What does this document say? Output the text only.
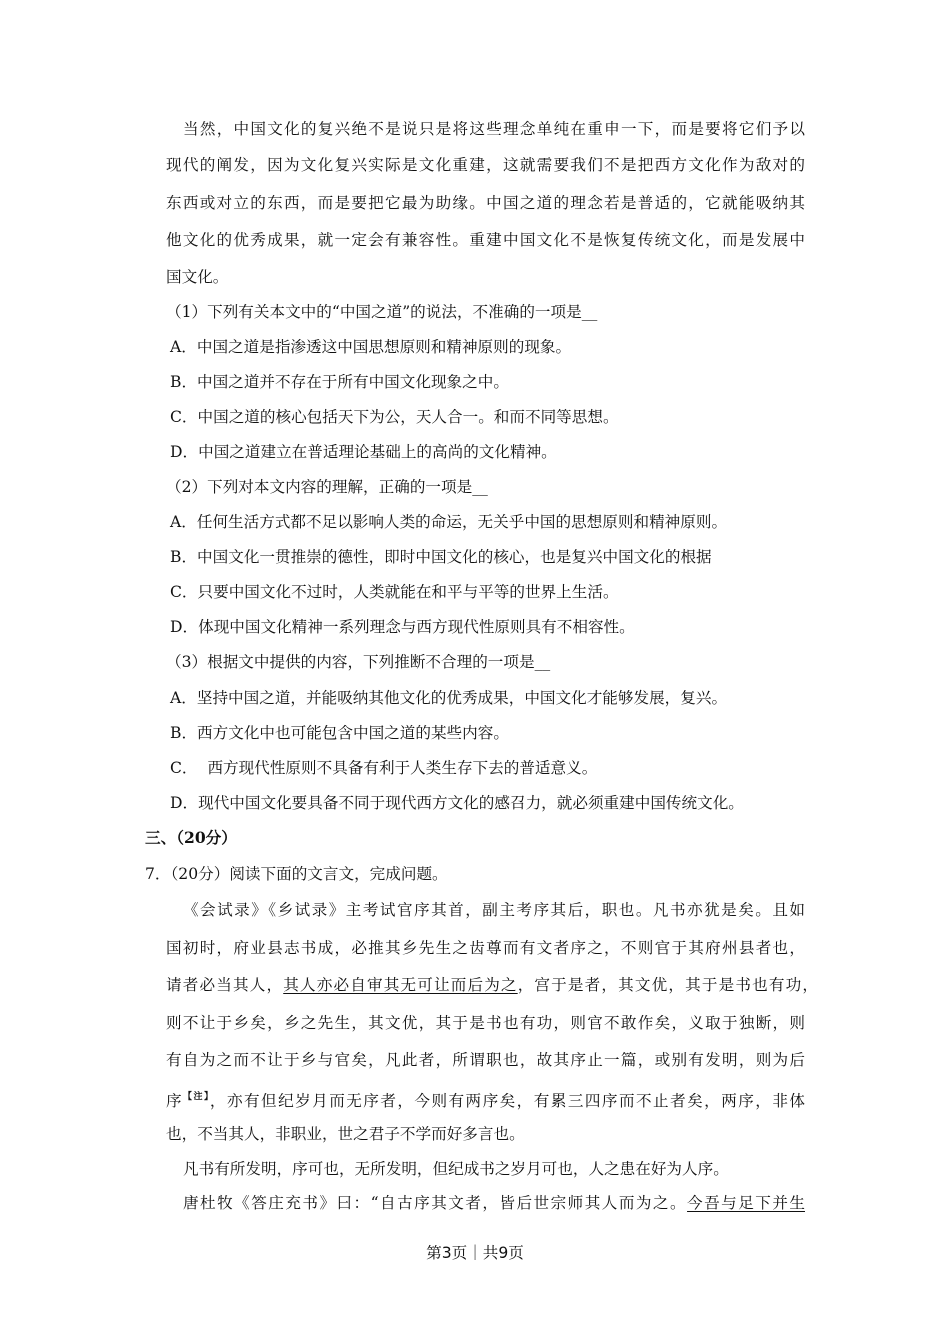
当然，中国文化的复兴绝不是说只是将这些理念单纯在重申一下，而是要将它们予以
现代的阐发，因为文化复兴实际是文化重建，这就需要我们不是把西方文化作为敌对的
东西或对立的东西，而是要把它最为助缘。中国之道的理念若是普适的，它就能吸纳其
他文化的优秀成果，就一定会有兼容性。重建中国文化不是恢复传统文化，而是发展中
国文化。
（1）下列有关本文中的“中国之道”的说法，不准确的一项是__
A．中国之道是指渗透这中国思想原则和精神原则的现象。
B．中国之道并不存在于所有中国文化现象之中。
C．中国之道的核心包括天下为公，天人合一。和而不同等思想。
D．中国之道建立在普适理论基础上的高尚的文化精神。
（2）下列对本文内容的理解，正确的一项是__
A．任何生活方式都不足以影响人类的命运，无关乎中国的思想原则和精神原则。
B．中国文化一贯推崇的德性，即时中国文化的核心，也是复兴中国文化的根据
C．只要中国文化不过时，人类就能在和平与平等的世界上生活。
D．体现中国文化精神一系列理念与西方现代性原则具有不相容性。
（3）根据文中提供的内容，下列推断不合理的一项是__
A．坚持中国之道，并能吸纳其他文化的优秀成果，中国文化才能够发展，复兴。
B．西方文化中也可能包含中国之道的某些内容。
C．  西方现代性原则不具备有利于人类生存下去的普适意义。
D．现代中国文化要具备不同于现代西方文化的感召力，就必须重建中国传统文化。
三、（20分）
7．（20分）阅读下面的文言文，完成问题。
《会试录》《乡试录》主考试官序其首，副主考序其后，职也。凡书亦犹是矣。且如
国初时，府业县志书成，必推其乡先生之齿尊而有文者序之，不则官于其府州县者也，
请者必当其人，其人亦必自审其无可让而后为之，宫于是者，其文优，其于是书也有功，
则不让于乡矣，乡之先生，其文优，其于是书也有功，则官不敢作矣，义取于独断，则
有自为之而不让于乡与官矣，凡此者，所谓职也，故其序止一篇，或别有发明，则为后
序$^{【注】}$，亦有但纪岁月而无序者，今则有两序矣，有累三四序而不止者矣，两序，非体
也，不当其人，非职业，世之君子不学而好多言也。
凡书有所发明，序可也，无所发明，但纪成书之岁月可也，人之患在好为人序。
唐杜牧《答庄充书》曰：“自古序其文者，皆后世宗师其人而为之。今吾与足下并生
第3页｜共9页
